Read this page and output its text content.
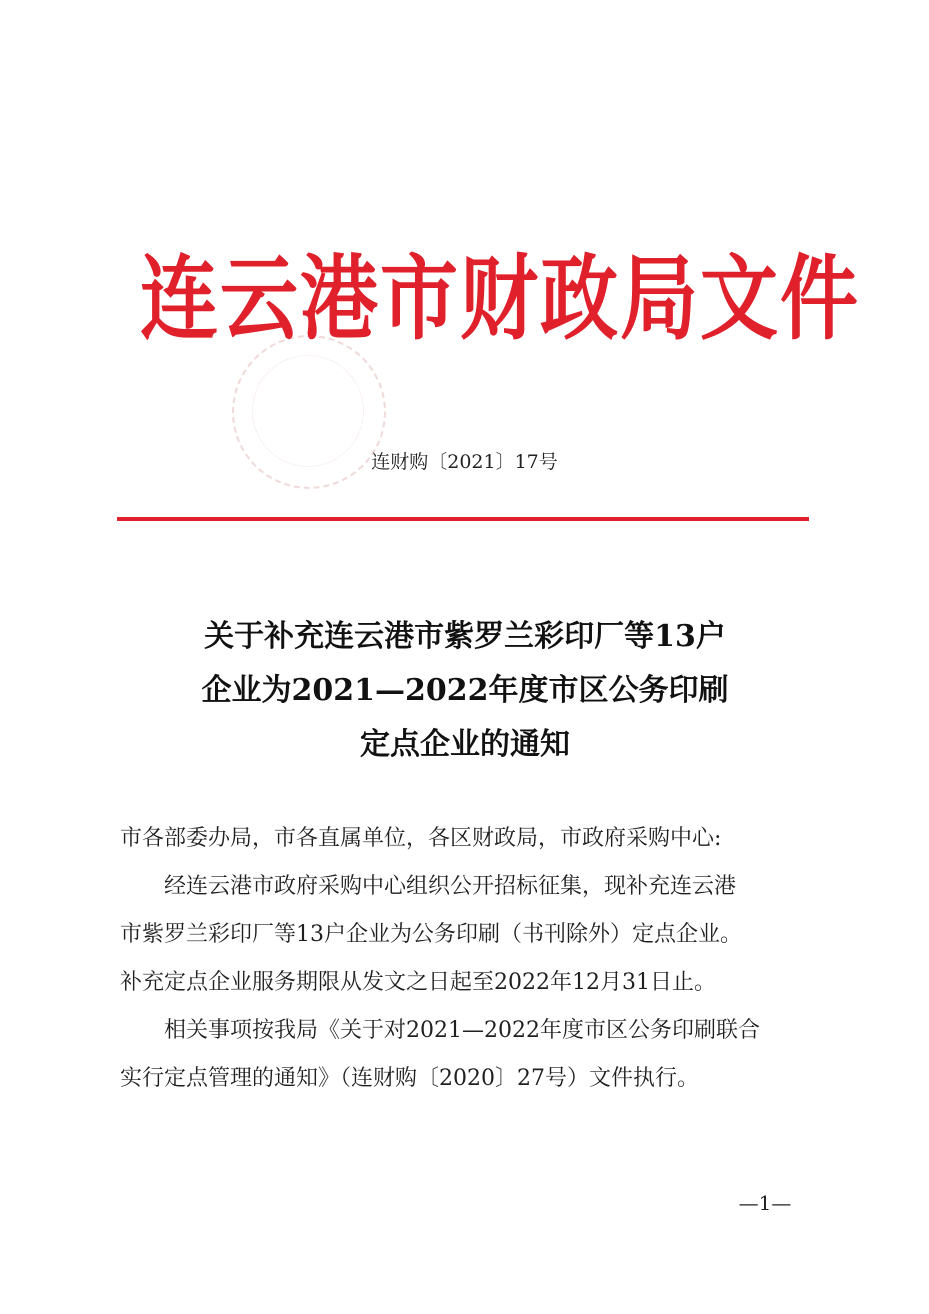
连云港市财政局文件
连财购〔2021〕17号
关于补充连云港市紫罗兰彩印厂等13户
企业为2021—2022年度市区公务印刷
定点企业的通知

市各部委办局，市各直属单位，各区财政局，市政府采购中心:

经连云港市政府采购中心组织公开招标征集，现补充连云港

市紫罗兰彩印厂等13户企业为公务印刷（书刊除外）定点企业。

补充定点企业服务期限从发文之日起至2022年12月31日止。

相关事项按我局《关于对2021—2022年度市区公务印刷联合

实行定点管理的通知》（连财购〔2020〕27号）文件执行。

—1—
